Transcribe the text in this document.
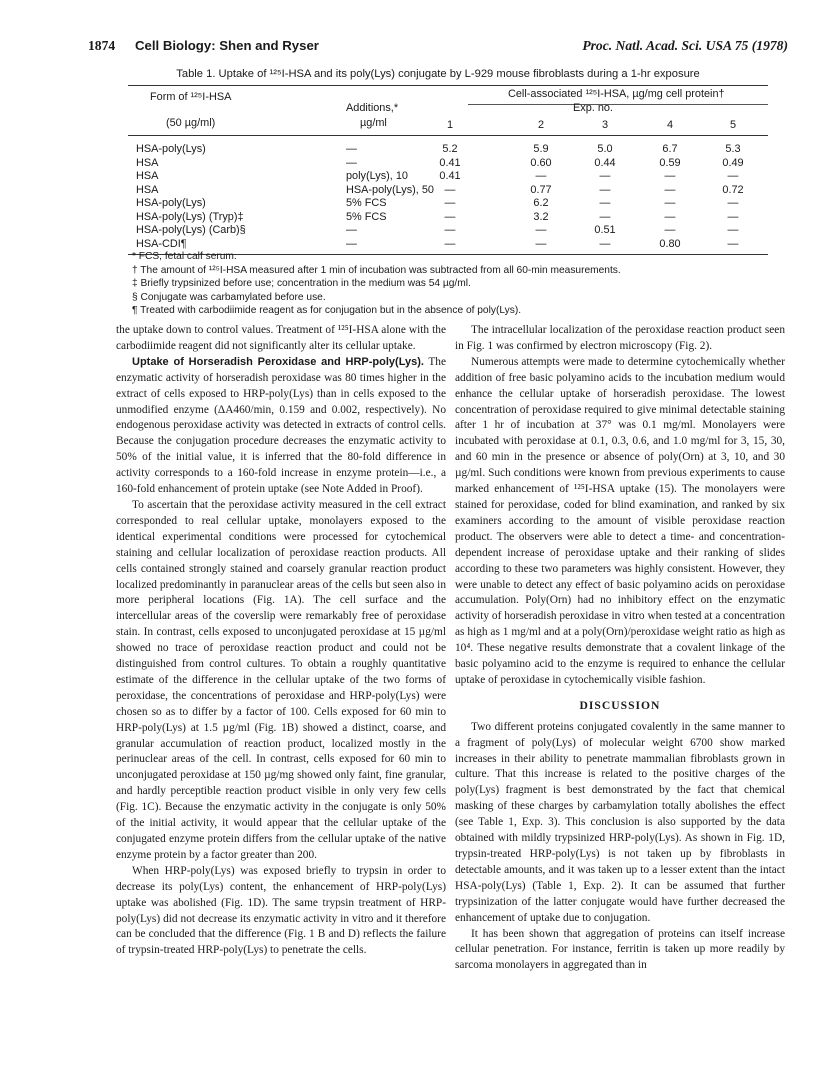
1874 Cell Biology: Shen and Ryser	Proc. Natl. Acad. Sci. USA 75 (1978)
Table 1. Uptake of ¹²⁵I-HSA and its poly(Lys) conjugate by L-929 mouse fibroblasts during a 1-hr exposure
Form of ¹²⁵I-HSA
(50 µg/ml)
Additions,*
µg/ml
Cell-associated ¹²⁵I-HSA, µg/mg cell protein†
Exp. no.
1	2	3	4	5
HSA-poly(Lys)	—	5.2	5.9	5.0	6.7	5.3
HSA	—	0.41	0.60	0.44	0.59	0.49
HSA	poly(Lys), 10	0.41	—	—	—	—
HSA	HSA-poly(Lys), 50 —	0.77	—	—	0.72
HSA-poly(Lys)	5% FCS	—	6.2	—	—	—
HSA-poly(Lys) (Tryp)‡	5% FCS	—	3.2	—	—	—
HSA-poly(Lys) (Carb)§	—	—	—	0.51	—	—
HSA-CDI¶	—	—	—	—	0.80	—
* FCS, fetal calf serum.
† The amount of ¹²⁵I-HSA measured after 1 min of incubation was subtracted from all 60-min measurements.
‡ Briefly trypsinized before use; concentration in the medium was 54 µg/ml.
§ Conjugate was carbamylated before use.
¶ Treated with carbodiimide reagent as for conjugation but in the absence of poly(Lys).

the uptake down to control values. Treatment of ¹²⁵I-HSA alone with the carbodiimide reagent did not significantly alter its cellular uptake.

Uptake of Horseradish Peroxidase and HRP-poly(Lys). The enzymatic activity of horseradish peroxidase was 80 times higher in the extract of cells exposed to HRP-poly(Lys) than in cells exposed to the unmodified enzyme (ΔA460/min, 0.159 and 0.002, respectively). No endogenous peroxidase activity was detected in extracts of control cells. Because the conjugation procedure decreases the enzymatic activity to 50% of the initial value, it is inferred that the 80-fold difference in activity corresponds to a 160-fold increase in enzyme protein—i.e., a 160-fold enhancement of protein uptake (see Note Added in Proof).

To ascertain that the peroxidase activity measured in the cell extract corresponded to real cellular uptake, monolayers exposed to the identical experimental conditions were processed for cytochemical staining and cellular localization of peroxidase reaction products. All cells contained strongly stained and coarsely granular reaction product localized predominantly in paranuclear areas of the cells but seen also in more peripheral locations (Fig. 1A). The cell surface and the intercellular areas of the coverslip were remarkably free of peroxidase stain. In contrast, cells exposed to unconjugated peroxidase at 15 µg/ml showed no trace of peroxidase reaction product and could not be distinguished from control cultures. To obtain a roughly quantitative estimate of the difference in the cellular uptake of the two forms of peroxidase, the concentrations of peroxidase and HRP-poly(Lys) were chosen so as to differ by a factor of 100. Cells exposed for 60 min to HRP-poly(Lys) at 1.5 µg/ml (Fig. 1B) showed a distinct, coarse, and granular accumulation of reaction product, localized mostly in the perinuclear areas of the cell. In contrast, cells exposed for 60 min to unconjugated peroxidase at 150 µg/mg showed only faint, fine granular, and hardly perceptible reaction product visible in only very few cells (Fig. 1C). Because the enzymatic activity in the conjugate is only 50% of the initial activity, it would appear that the cellular uptake of the conjugated enzyme protein differs from the cellular uptake of the native enzyme protein by a factor greater than 200.

When HRP-poly(Lys) was exposed briefly to trypsin in order to decrease its poly(Lys) content, the enhancement of HRP-poly(Lys) uptake was abolished (Fig. 1D). The same trypsin treatment of HRP-poly(Lys) did not decrease its enzymatic activity in vitro and it therefore can be concluded that the difference (Fig. 1 B and D) reflects the failure of trypsin-treated HRP-poly(Lys) to penetrate the cells.

The intracellular localization of the peroxidase reaction product seen in Fig. 1 was confirmed by electron microscopy (Fig. 2).

Numerous attempts were made to determine cytochemically whether addition of free basic polyamino acids to the incubation medium would enhance the cellular uptake of horseradish peroxidase. The lowest concentration of peroxidase required to give minimal detectable staining after 1 hr of incubation at 37° was 0.1 mg/ml. Monolayers were incubated with peroxidase at 0.1, 0.3, 0.6, and 1.0 mg/ml for 3, 15, 30, and 60 min in the presence or absence of poly(Orn) at 3, 10, and 30 µg/ml. Such conditions were known from previous experiments to cause marked enhancement of ¹²⁵I-HSA uptake (15). The monolayers were stained for peroxidase, coded for blind examination, and ranked by six examiners according to the amount of visible peroxidase reaction product. The observers were able to detect a time- and concentration-dependent increase of peroxidase uptake and their ranking of slides according to these two parameters was highly consistent. However, they were unable to detect any effect of basic polyamino acids on peroxidase accumulation. Poly(Orn) had no inhibitory effect on the enzymatic activity of horseradish peroxidase in vitro when tested at a concentration as high as 1 mg/ml and at a poly(Orn)/peroxidase weight ratio as high as 10⁴. These negative results demonstrate that a covalent linkage of the basic polyamino acid to the enzyme is required to enhance the cellular uptake of peroxidase in cytochemically visible fashion.

DISCUSSION

Two different proteins conjugated covalently in the same manner to a fragment of poly(Lys) of molecular weight 6700 show marked increases in their ability to penetrate mammalian fibroblasts grown in culture. That this increase is related to the positive charges of the poly(Lys) fragment is best demonstrated by the fact that chemical masking of these charges by carbamylation totally abolishes the effect (see Table 1, Exp. 3). This conclusion is also supported by the data obtained with mildly trypsinized HRP-poly(Lys). As shown in Fig. 1D, trypsin-treated HRP-poly(Lys) is not taken up by fibroblasts in detectable amounts, and it was taken up to a lesser extent than the intact HSA-poly(Lys) (Table 1, Exp. 2). It can be assumed that further trypsinization of the latter conjugate would have further decreased the enhancement of uptake due to conjugation.

It has been shown that aggregation of proteins can itself increase cellular penetration. For instance, ferritin is taken up more readily by sarcoma monolayers in aggregated than in
